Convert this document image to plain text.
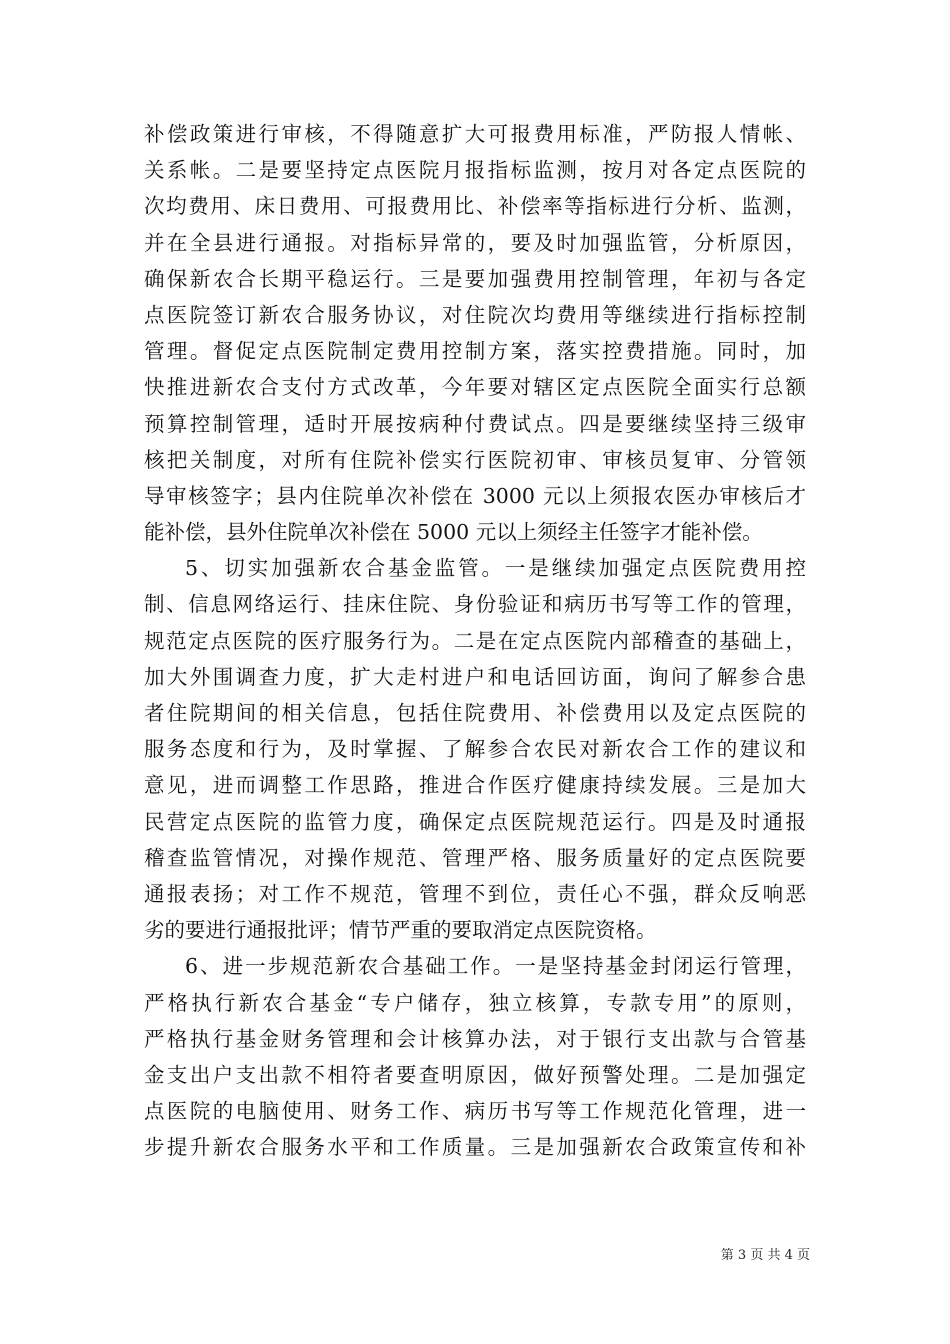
补偿政策进行审核，不得随意扩大可报费用标准，严防报人情帐、
关系帐。二是要坚持定点医院月报指标监测，按月对各定点医院的
次均费用、床日费用、可报费用比、补偿率等指标进行分析、监测，
并在全县进行通报。对指标异常的，要及时加强监管，分析原因，
确保新农合长期平稳运行。三是要加强费用控制管理，年初与各定
点医院签订新农合服务协议，对住院次均费用等继续进行指标控制
管理。督促定点医院制定费用控制方案，落实控费措施。同时，加
快推进新农合支付方式改革，今年要对辖区定点医院全面实行总额
预算控制管理，适时开展按病种付费试点。四是要继续坚持三级审
核把关制度，对所有住院补偿实行医院初审、审核员复审、分管领
导审核签字；县内住院单次补偿在 3000 元以上须报农医办审核后才
能补偿，县外住院单次补偿在 5000 元以上须经主任签字才能补偿。
5、切实加强新农合基金监管。一是继续加强定点医院费用控
制、信息网络运行、挂床住院、身份验证和病历书写等工作的管理，
规范定点医院的医疗服务行为。二是在定点医院内部稽查的基础上，
加大外围调查力度，扩大走村进户和电话回访面，询问了解参合患
者住院期间的相关信息，包括住院费用、补偿费用以及定点医院的
服务态度和行为，及时掌握、了解参合农民对新农合工作的建议和
意见，进而调整工作思路，推进合作医疗健康持续发展。三是加大
民营定点医院的监管力度，确保定点医院规范运行。四是及时通报
稽查监管情况，对操作规范、管理严格、服务质量好的定点医院要
通报表扬；对工作不规范，管理不到位，责任心不强，群众反响恶
劣的要进行通报批评；情节严重的要取消定点医院资格。
6、进一步规范新农合基础工作。一是坚持基金封闭运行管理，
严格执行新农合基金“专户储存，独立核算，专款专用”的原则，
严格执行基金财务管理和会计核算办法，对于银行支出款与合管基
金支出户支出款不相符者要查明原因，做好预警处理。二是加强定
点医院的电脑使用、财务工作、病历书写等工作规范化管理，进一
步提升新农合服务水平和工作质量。三是加强新农合政策宣传和补
第 3 页 共 4 页
